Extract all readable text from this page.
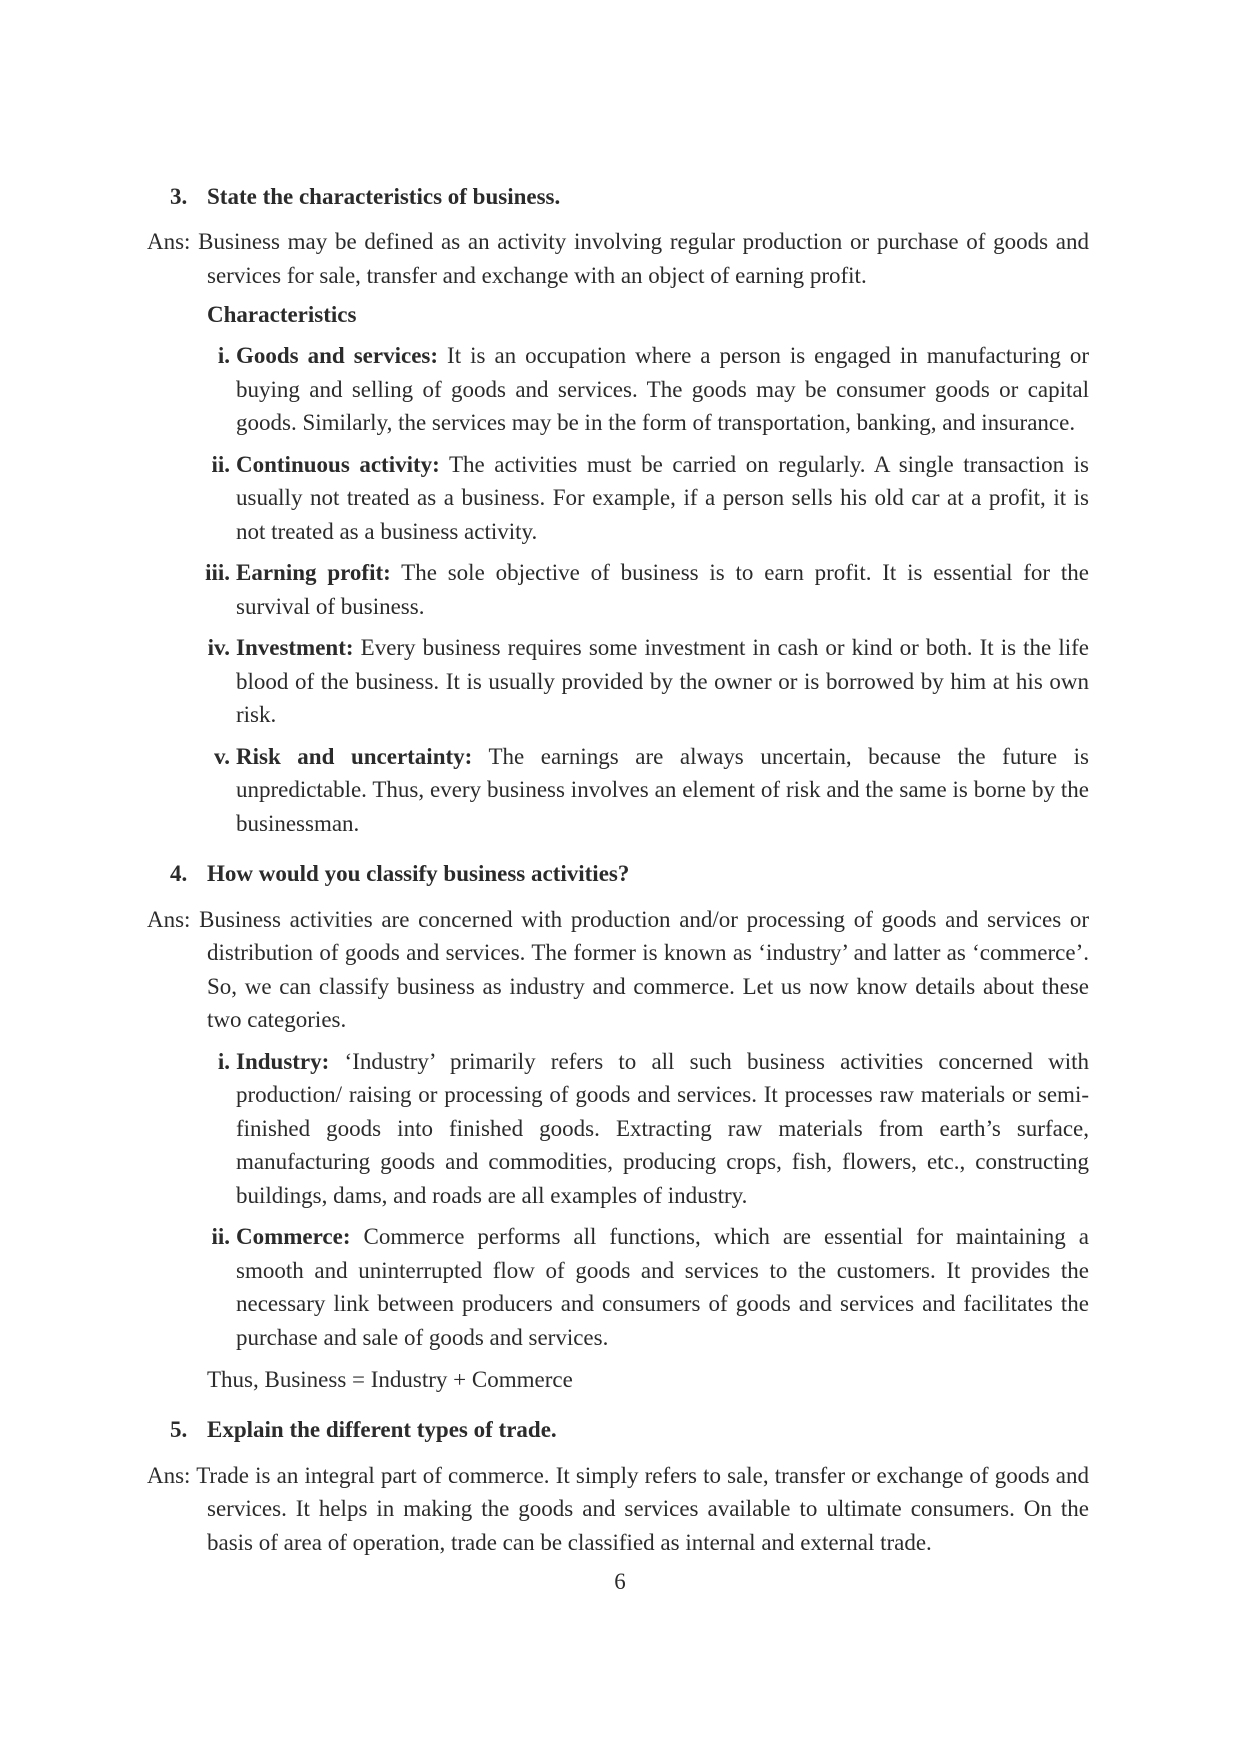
3. State the characteristics of business.

Ans: Business may be defined as an activity involving regular production or purchase of goods and services for sale, transfer and exchange with an object of earning profit.

Characteristics
i. Goods and services: It is an occupation where a person is engaged in manufacturing or buying and selling of goods and services. The goods may be consumer goods or capital goods. Similarly, the services may be in the form of transportation, banking, and insurance.
ii. Continuous activity: The activities must be carried on regularly. A single transaction is usually not treated as a business. For example, if a person sells his old car at a profit, it is not treated as a business activity.
iii. Earning profit: The sole objective of business is to earn profit. It is essential for the survival of business.
iv. Investment: Every business requires some investment in cash or kind or both. It is the life blood of the business. It is usually provided by the owner or is borrowed by him at his own risk.
v. Risk and uncertainty: The earnings are always uncertain, because the future is unpredictable. Thus, every business involves an element of risk and the same is borne by the businessman.
4. How would you classify business activities?

Ans: Business activities are concerned with production and/or processing of goods and services or distribution of goods and services. The former is known as ‘industry’ and latter as ‘commerce’. So, we can classify business as industry and commerce. Let us now know details about these two categories.

i. Industry: ‘Industry’ primarily refers to all such business activities concerned with production/ raising or processing of goods and services. It processes raw materials or semi-finished goods into finished goods. Extracting raw materials from earth’s surface, manufacturing goods and commodities, producing crops, fish, flowers, etc., constructing buildings, dams, and roads are all examples of industry.
ii. Commerce: Commerce performs all functions, which are essential for maintaining a smooth and uninterrupted flow of goods and services to the customers. It provides the necessary link between producers and consumers of goods and services and facilitates the purchase and sale of goods and services.
Thus, Business = Industry + Commerce
5. Explain the different types of trade.

Ans: Trade is an integral part of commerce. It simply refers to sale, transfer or exchange of goods and services. It helps in making the goods and services available to ultimate consumers. On the basis of area of operation, trade can be classified as internal and external trade.

6
